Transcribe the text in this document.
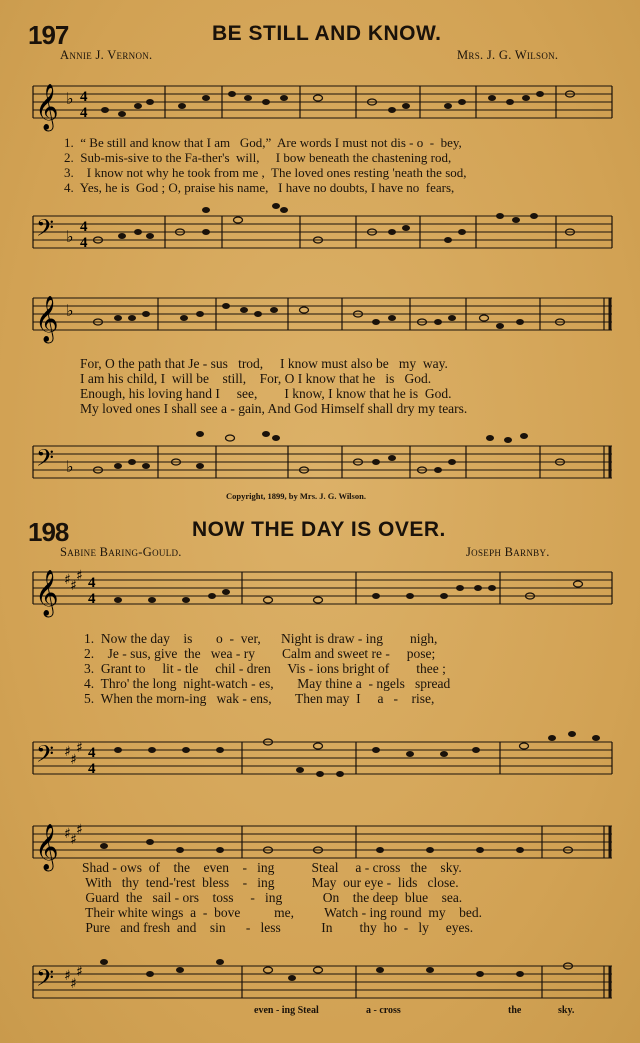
197	BE STILL AND KNOW.
Annie J. Vernon.	Mrs. J. G. Wilson.
𝄞 ♭ 4
4
1.  “ Be still and know that I am   God,”  Are words I must not dis - o  -  bey,
2.  Sub-mis-sive to the Fa-ther's  will,     I bow beneath the chastening rod,
3.    I know not why he took from me ,  The loved ones resting 'neath the sod,
4.  Yes, he is  God ; O, praise his name,   I have no doubts, I have no  fears,
𝄢 ♭ 4
4
𝄞 ♭
For, O the path that Je - sus   trod,     I know must also be   my  way.
I am his child, I  will be    still,    For, O I know that he   is   God.
Enough, his loving hand I     see,        I know, I know that he is  God.
My loved ones I shall see a - gain, And God Himself shall dry my tears.
𝄢 ♭
Copyright, 1899, by Mrs. J. G. Wilson.
198	NOW THE DAY IS OVER.
Sabine Baring-Gould.	Joseph Barnby.
𝄞 ♯ ♯
♯ 4
4
1.  Now the day    is       o  -  ver,      Night is draw - ing        nigh,
2.    Je - sus, give  the   wea - ry        Calm and sweet re -     pose;
3.  Grant to     lit - tle     chil - dren     Vis - ions bright of        thee ;
4.  Thro' the long  night-watch - es,       May thine a  - ngels   spread
5.  When the morn-ing   wak - ens,       Then may  I     a   -    rise,
𝄢 ♯ ♯
♯ 4
4
𝄞 ♯ ♯
♯
Shad - ows  of    the    even    -   ing           Steal     a - cross   the    sky.
With   thy  tend-'rest  bless    -   ing           May  our eye -  lids   close.
Guard  the   sail - ors    toss     -   ing            On    the deep  blue    sea.
Their white wings  a  -  bove          me,         Watch - ing round  my    bed.
Pure   and fresh  and    sin      -   less            In        thy  ho  -   ly     eyes.
𝄢 ♯ ♯
♯
even - ing Steal	a - cross	the	sky.
